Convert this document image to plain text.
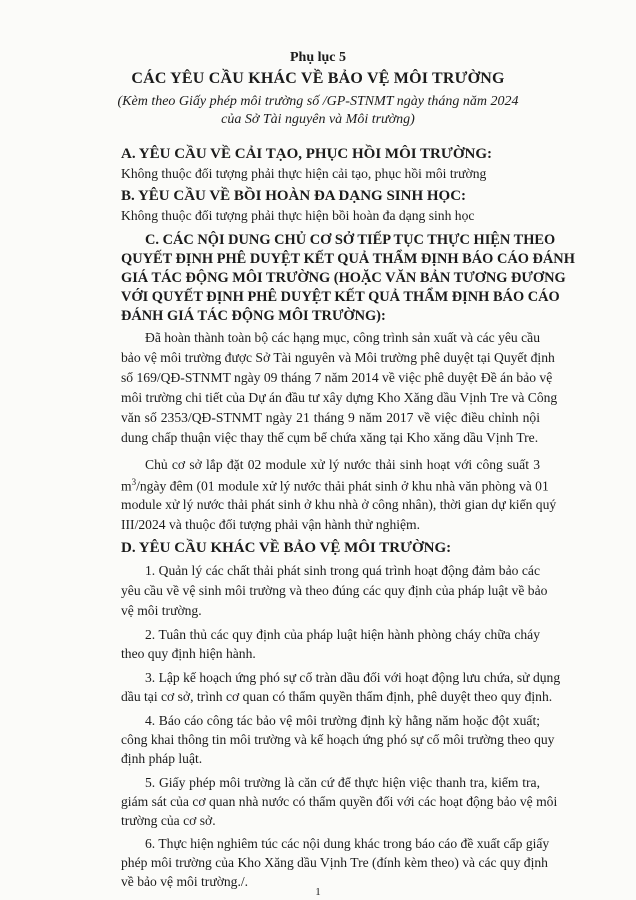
Phụ lục 5
CÁC YÊU CẦU KHÁC VỀ BẢO VỆ MÔI TRƯỜNG
(Kèm theo Giấy phép môi trường số /GP-STNMT ngày tháng năm 2024
của Sở Tài nguyên và Môi trường)
A. YÊU CẦU VỀ CẢI TẠO, PHỤC HỒI MÔI TRƯỜNG:
Không thuộc đối tượng phải thực hiện cải tạo, phục hồi môi trường
B. YÊU CẦU VỀ BỒI HOÀN ĐA DẠNG SINH HỌC:
Không thuộc đối tượng phải thực hiện bồi hoàn đa dạng sinh học
C. CÁC NỘI DUNG CHỦ CƠ SỞ TIẾP TỤC THỰC HIỆN THEO
QUYẾT ĐỊNH PHÊ DUYỆT KẾT QUẢ THẨM ĐỊNH BÁO CÁO ĐÁNH
GIÁ TÁC ĐỘNG MÔI TRƯỜNG (HOẶC VĂN BẢN TƯƠNG ĐƯƠNG
VỚI QUYẾT ĐỊNH PHÊ DUYỆT KẾT QUẢ THẨM ĐỊNH BÁO CÁO
ĐÁNH GIÁ TÁC ĐỘNG MÔI TRƯỜNG):
Đã hoàn thành toàn bộ các hạng mục, công trình sản xuất và các yêu cầu
bảo vệ môi trường được Sở Tài nguyên và Môi trường phê duyệt tại Quyết định
số 169/QĐ-STNMT ngày 09 tháng 7 năm 2014 về việc phê duyệt Đề án bảo vệ
môi trường chi tiết của Dự án đầu tư xây dựng Kho Xăng dầu Vịnh Tre và Công
văn số 2353/QĐ-STNMT ngày 21 tháng 9 năm 2017 về việc điều chỉnh nội
dung chấp thuận việc thay thế cụm bể chứa xăng tại Kho xăng dầu Vịnh Tre.
Chủ cơ sở lắp đặt 02 module xử lý nước thải sinh hoạt với công suất 3
$m^3$/ngày đêm (01 module xử lý nước thải phát sinh ở khu nhà văn phòng và 01
module xử lý nước thải phát sinh ở khu nhà ở công nhân), thời gian dự kiến quý
III/2024 và thuộc đối tượng phải vận hành thử nghiệm.
D. YÊU CẦU KHÁC VỀ BẢO VỆ MÔI TRƯỜNG:
1. Quản lý các chất thải phát sinh trong quá trình hoạt động đảm bảo các
yêu cầu về vệ sinh môi trường và theo đúng các quy định của pháp luật về bảo
vệ môi trường.
2. Tuân thủ các quy định của pháp luật hiện hành phòng cháy chữa cháy
theo quy định hiện hành.
3. Lập kế hoạch ứng phó sự cố tràn dầu đối với hoạt động lưu chứa, sử dụng
dầu tại cơ sở, trình cơ quan có thẩm quyền thẩm định, phê duyệt theo quy định.
4. Báo cáo công tác bảo vệ môi trường định kỳ hằng năm hoặc đột xuất;
công khai thông tin môi trường và kế hoạch ứng phó sự cố môi trường theo quy
định pháp luật.
5. Giấy phép môi trường là căn cứ để thực hiện việc thanh tra, kiểm tra,
giám sát của cơ quan nhà nước có thẩm quyền đối với các hoạt động bảo vệ môi
trường của cơ sở.
1
6. Thực hiện nghiêm túc các nội dung khác trong báo cáo đề xuất cấp giấy
phép môi trường của Kho Xăng dầu Vịnh Tre (đính kèm theo) và các quy định
về bảo vệ môi trường./.
